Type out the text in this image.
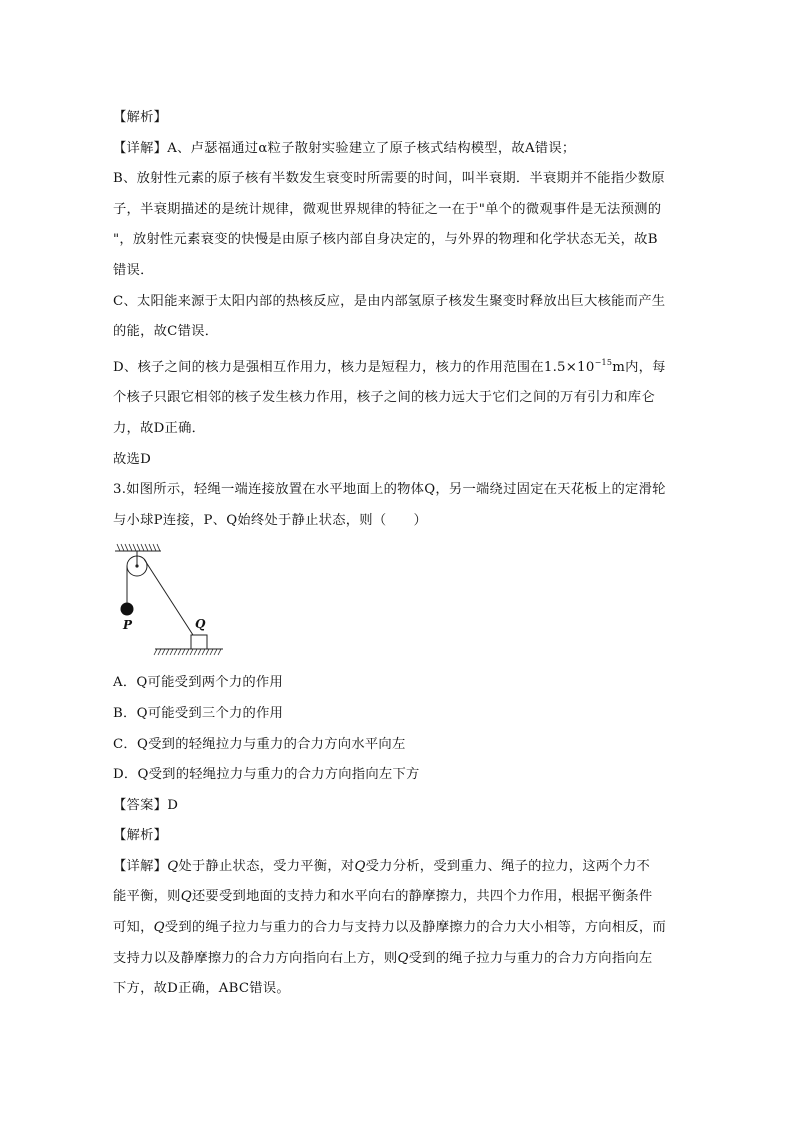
【解析】
【详解】A、卢瑟福通过α粒子散射实验建立了原子核式结构模型，故A错误；
B、放射性元素的原子核有半数发生衰变时所需要的时间，叫半衰期．半衰期并不能指少数原
子，半衰期描述的是统计规律，微观世界规律的特征之一在于"单个的微观事件是无法预测的
"，放射性元素衰变的快慢是由原子核内部自身决定的，与外界的物理和化学状态无关，故B
错误．
C、太阳能来源于太阳内部的热核反应，是由内部氢原子核发生聚变时释放出巨大核能而产生
的能，故C错误．
D、核子之间的核力是强相互作用力，核力是短程力，核力的作用范围在$1.5\times 10^{-15}m$内，每
个核子只跟它相邻的核子发生核力作用，核子之间的核力远大于它们之间的万有引力和库仑
力，故D正确．
故选D
3.如图所示，轻绳一端连接放置在水平地面上的物体Q，另一端绕过固定在天花板上的定滑轮
与小球P连接，P、Q始终处于静止状态，则（　　）
P	Q
A．Q可能受到两个力的作用
B．Q可能受到三个力的作用
C．Q受到的轻绳拉力与重力的合力方向水平向左
D．Q受到的轻绳拉力与重力的合力方向指向左下方
【答案】D
【解析】
【详解】Q处于静止状态，受力平衡，对Q受力分析，受到重力、绳子的拉力，这两个力不
能平衡，则Q还要受到地面的支持力和水平向右的静摩擦力，共四个力作用，根据平衡条件
可知，Q受到的绳子拉力与重力的合力与支持力以及静摩擦力的合力大小相等，方向相反，而
支持力以及静摩擦力的合力方向指向右上方，则Q受到的绳子拉力与重力的合力方向指向左
下方，故D正确，ABC错误。
